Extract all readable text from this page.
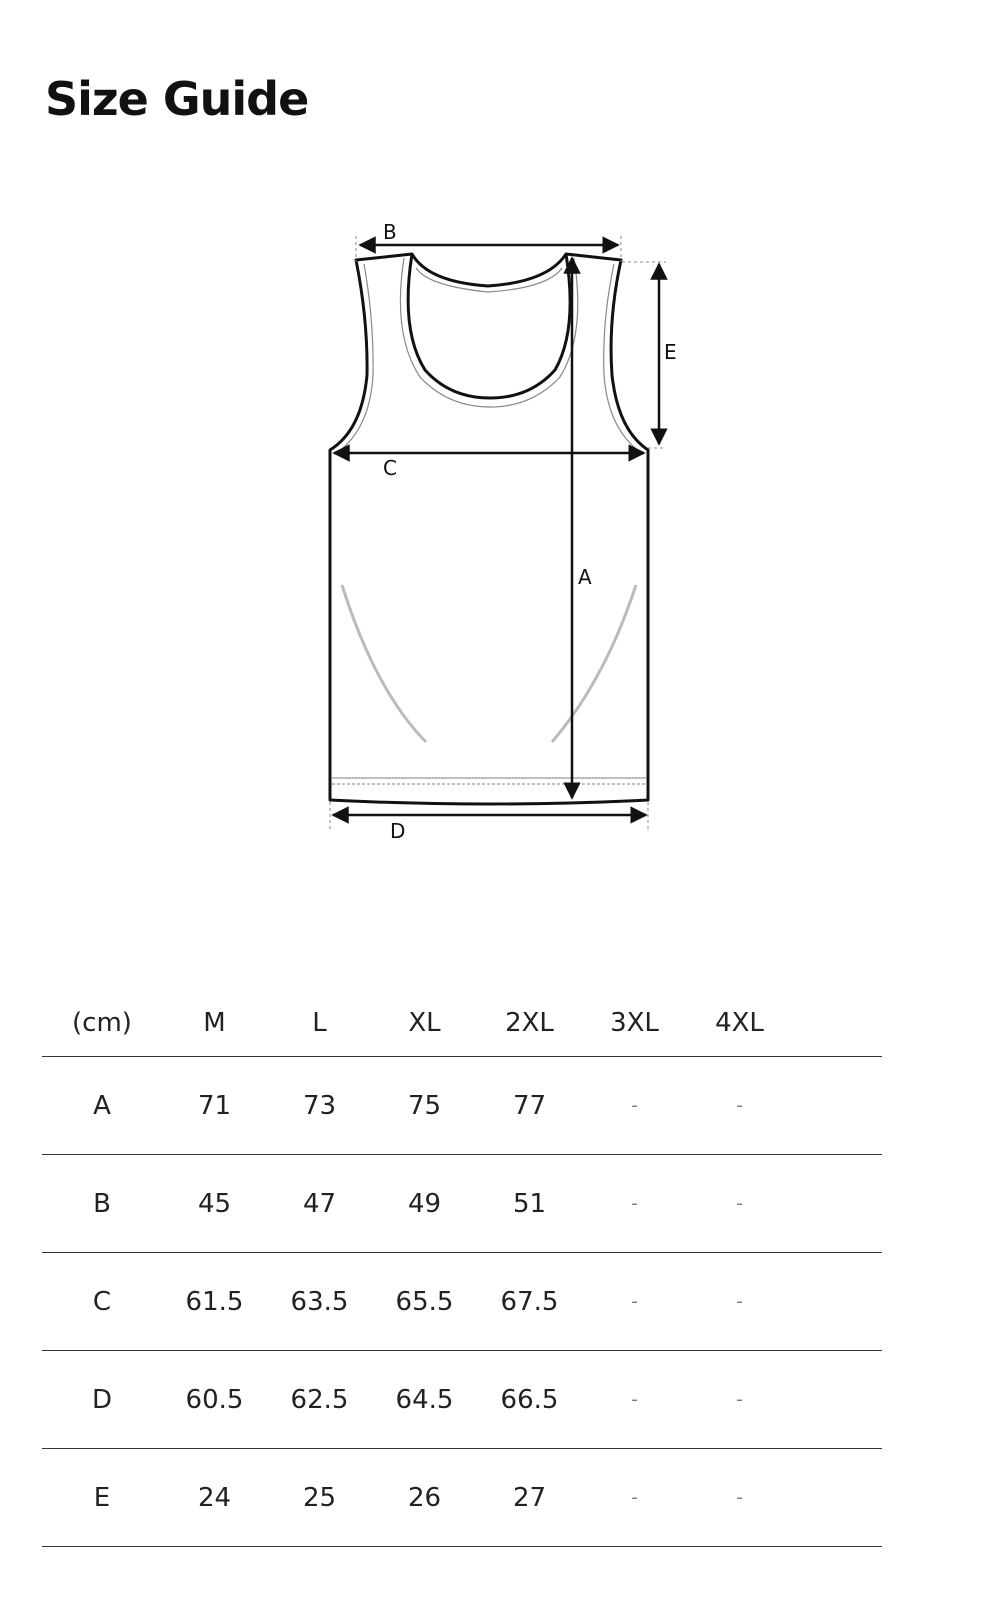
Size Guide
B
E
C
A
D
(cm)	M	L	XL	2XL	3XL	4XL	
A	71	73	75	77	-	-	
B	45	47	49	51	-	-	
C	61.5	63.5	65.5	67.5	-	-	
D	60.5	62.5	64.5	66.5	-	-	
E	24	25	26	27	-	-	
